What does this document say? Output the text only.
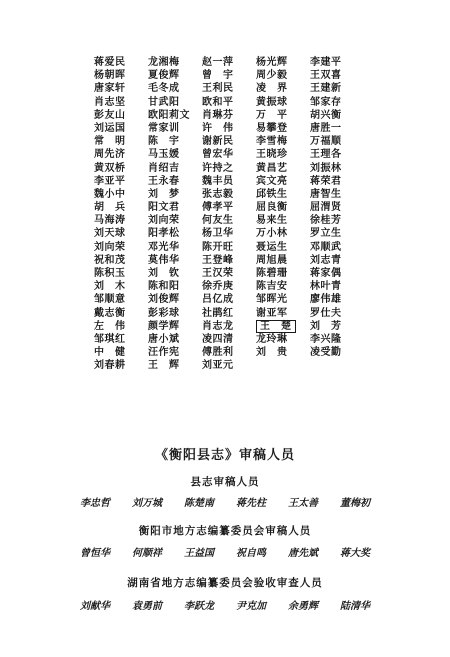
蒋爱民	龙湘梅	赵一萍	杨光辉	李建平
杨朝晖	夏俊辉	曾　宇	周少毅	王双喜
唐家轩	毛冬成	王利民	凌　界	王建新
肖志坚	甘武阳	欧和平	黄振球	邹家存
彭友山	欧阳莉文	肖琳芬	万　平	胡兴衡
刘运国	常家训	许　伟	易攀登	唐胜一
常　明	陈　宇	谢新民	李雪梅	万福顺
周先济	马玉媛	曾宏华	王晓珍	王理各
黄双桥	肖绍吉	许持之	黄昌艺	刘振林
李亚平	王永春	魏丰员	宾文亮	蒋荣君
魏小中	刘　梦	张志毅	邱铁生	唐智生
胡　兵	阳文君	傅孝平	屈良衡	屈渭贤
马海涛	刘向荣	何友生	易来生	徐桂芳
刘天球	阳孝松	杨卫华	万小林	罗立生
刘向荣	邓光华	陈开旺	聂运生	邓顺武
祝和茂	莫伟华	王登峰	周旭晨	刘志青
陈积玉	刘　钦	王汉荣	陈碧珊	蒋家偶
刘　木	陈和阳	徐乔庚	陈吉安	林叶青
邹顺意	刘俊辉	吕亿成	邹晖光	廖伟雄
戴志衡	彭彩球	社鹃红	谢亚军	罗仕夫
左　伟	颜学辉	肖志龙	王　楚	刘　芳
邹琪红	唐小斌	凌四清	龙玲琳	李兴隆
中　健	汪作宪	傅胜利	刘　贵	凌受勤
刘春耕	王　辉	刘亚元
《衡阳县志》审稿人员
县志审稿人员
李忠哲 刘万城 陈楚南 蒋先柱 王太善 董梅初
衡阳市地方志编纂委员会审稿人员
曾恒华 何顺祥 王益国 祝自鸣 唐先斌 蒋大奖
湖南省地方志编纂委员会验收审查人员
刘献华 袁勇前 李跃龙 尹克加 余勇辉 陆清华
